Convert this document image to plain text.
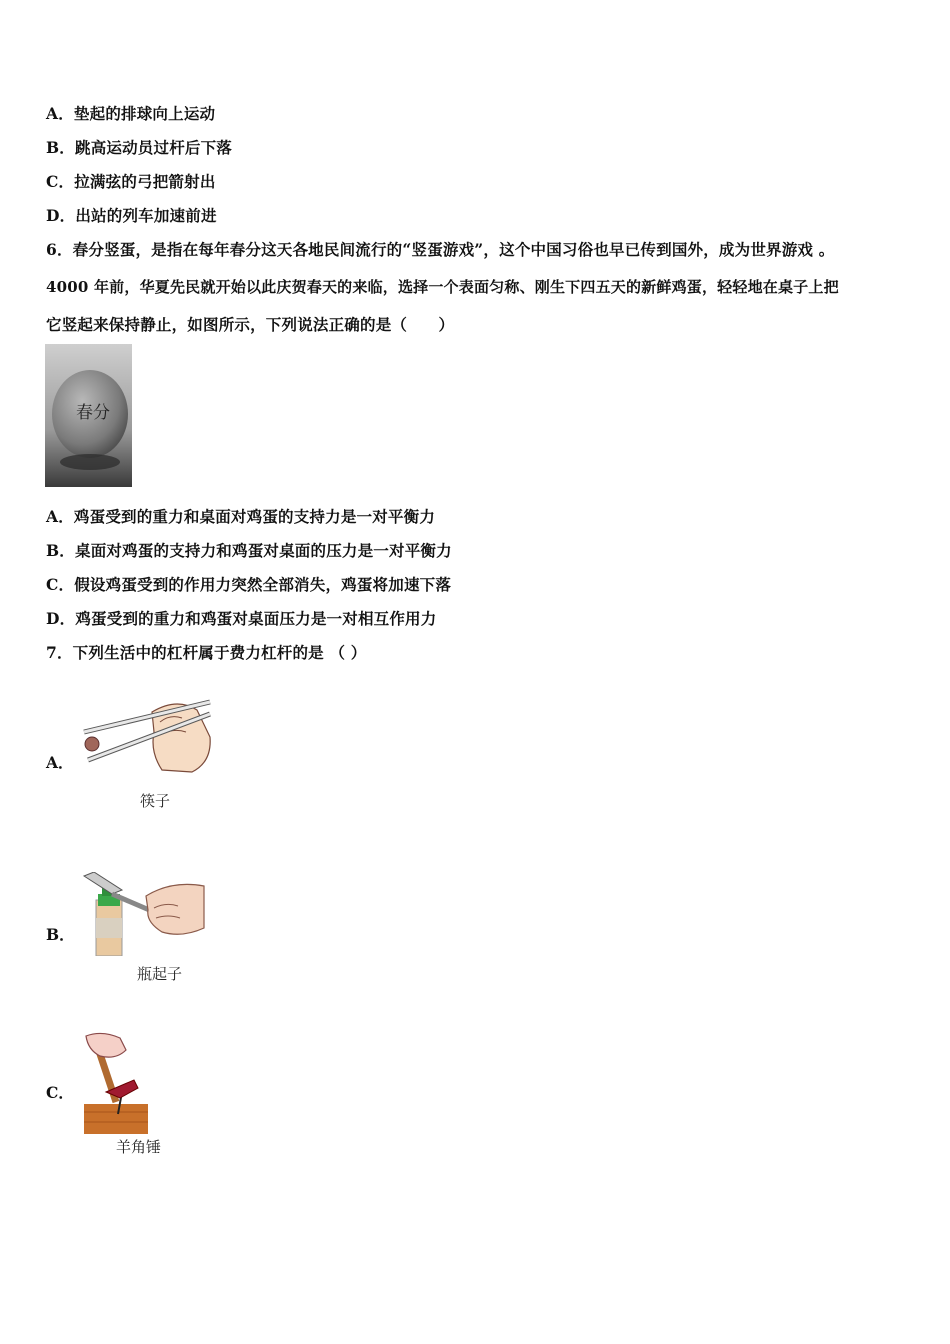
A．垫起的排球向上运动
B．跳高运动员过杆后下落
C．拉满弦的弓把箭射出
D．出站的列车加速前进
6．春分竖蛋，是指在每年春分这天各地民间流行的“竖蛋游戏”，这个中国习俗也早已传到国外，成为世界游戏 。
4000 年前，华夏先民就开始以此庆贺春天的来临，选择一个表面匀称、刚生下四五天的新鲜鸡蛋，轻轻地在桌子上把
它竖起来保持静止，如图所示，下列说法正确的是（　　）
春分
A．鸡蛋受到的重力和桌面对鸡蛋的支持力是一对平衡力
B．桌面对鸡蛋的支持力和鸡蛋对桌面的压力是一对平衡力
C．假设鸡蛋受到的作用力突然全部消失，鸡蛋将加速下落
D．鸡蛋受到的重力和鸡蛋对桌面压力是一对相互作用力
7．下列生活中的杠杆属于费力杠杆的是 （ ）
A．
筷子
B．
瓶起子
C．
羊角锤
